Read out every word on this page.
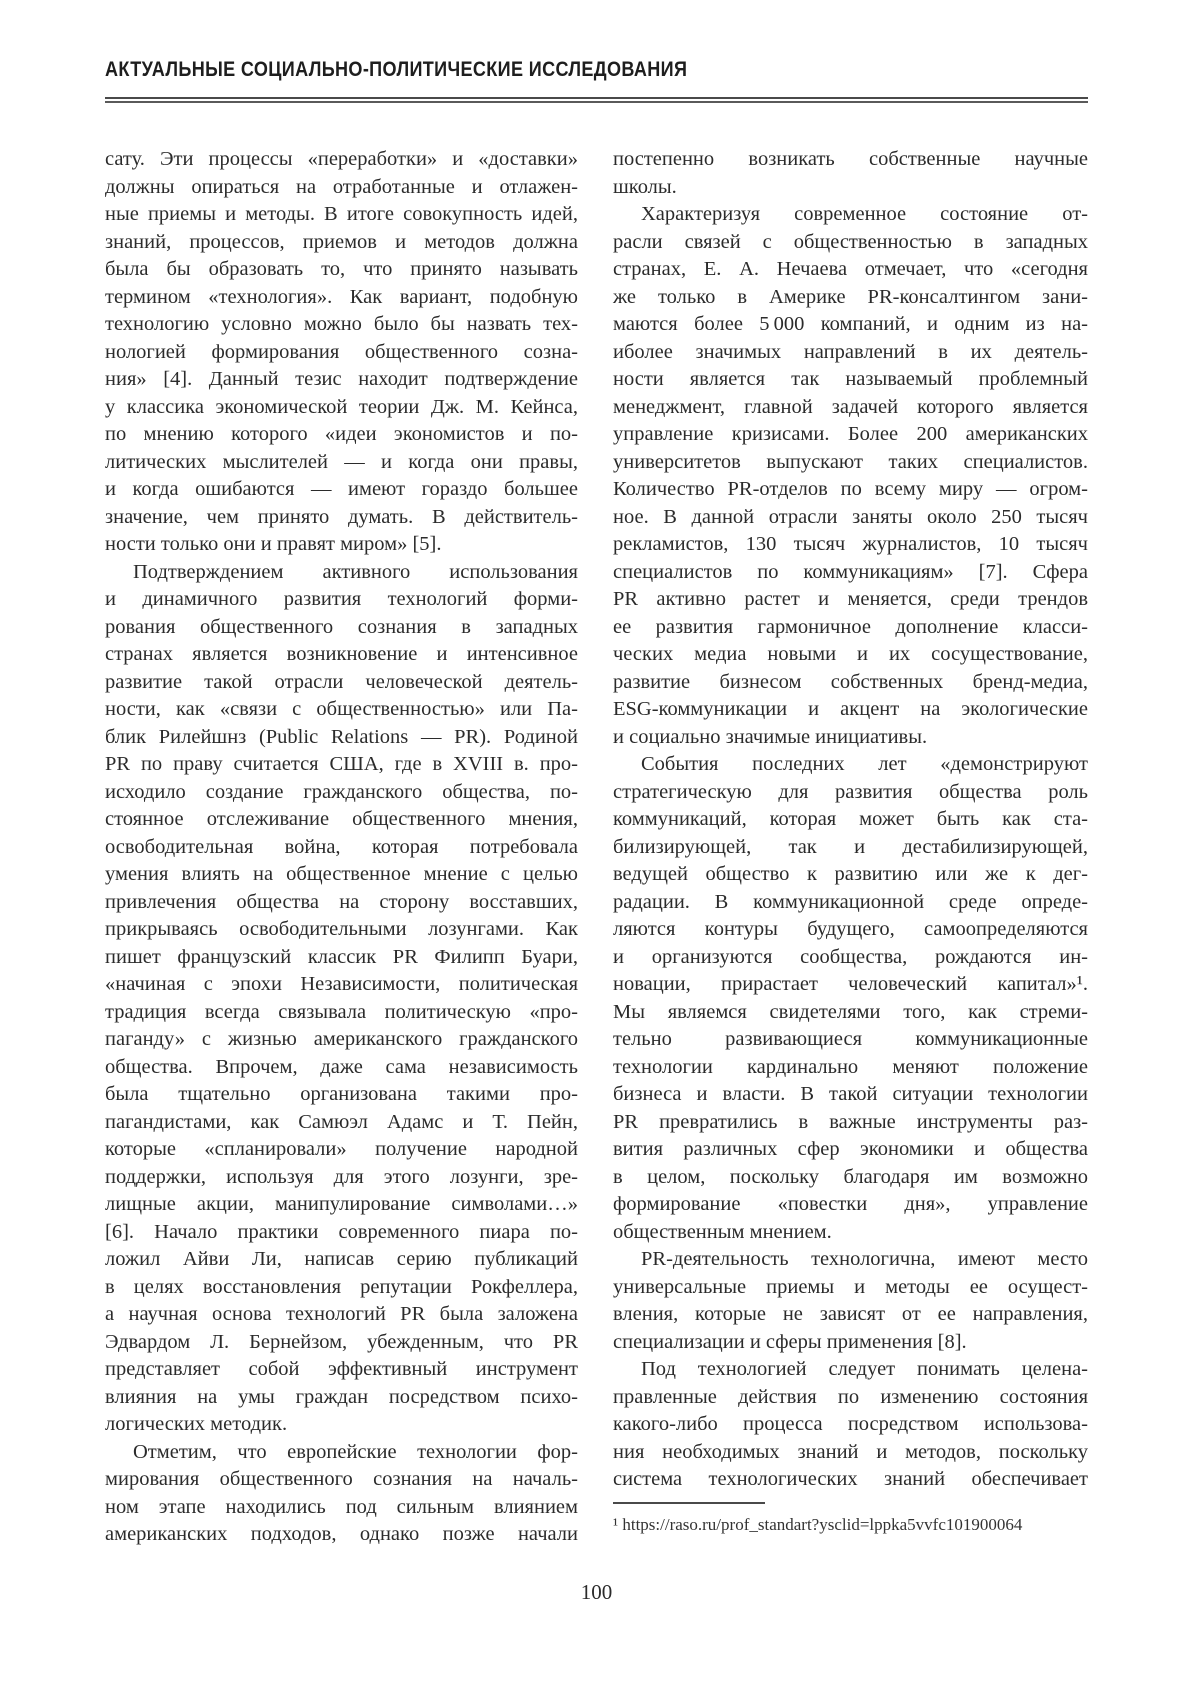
АКТУАЛЬНЫЕ СОЦИАЛЬНО-ПОЛИТИЧЕСКИЕ ИССЛЕДОВАНИЯ
сату. Эти процессы «переработки» и «доставки»
должны опираться на отработанные и отлажен-
ные приемы и методы. В итоге совокупность идей,
знаний, процессов, приемов и методов должна
была бы образовать то, что принято называть
термином «технология». Как вариант, подобную
технологию условно можно было бы назвать тех-
нологией формирования общественного созна-
ния» [4]. Данный тезис находит подтверждение
у классика экономической теории Дж. М. Кейнса,
по мнению которого «идеи экономистов и по-
литических мыслителей — и когда они правы,
и когда ошибаются — имеют гораздо большее
значение, чем принято думать. В действитель-
ности только они и правят миром» [5].
Подтверждением активного использования
и динамичного развития технологий форми-
рования общественного сознания в западных
странах является возникновение и интенсивное
развитие такой отрасли человеческой деятель-
ности, как «связи с общественностью» или Па-
блик Рилейшнз (Public Relations — PR). Родиной
PR по праву считается США, где в XVIII в. про-
исходило создание гражданского общества, по-
стоянное отслеживание общественного мнения,
освободительная война, которая потребовала
умения влиять на общественное мнение с целью
привлечения общества на сторону восставших,
прикрываясь освободительными лозунгами. Как
пишет французский классик PR Филипп Буари,
«начиная с эпохи Независимости, политическая
традиция всегда связывала политическую «про-
паганду» с жизнью американского гражданского
общества. Впрочем, даже сама независимость
была тщательно организована такими про-
пагандистами, как Самюэл Адамс и Т. Пейн,
которые «спланировали» получение народной
поддержки, используя для этого лозунги, зре-
лищные акции, манипулирование символами…»
[6]. Начало практики современного пиара по-
ложил Айви Ли, написав серию публикаций
в целях восстановления репутации Рокфеллера,
а научная основа технологий PR была заложена
Эдвардом Л. Бернейзом, убежденным, что PR
представляет собой эффективный инструмент
влияния на умы граждан посредством психо-
логических методик.
Отметим, что европейские технологии фор-
мирования общественного сознания на началь-
ном этапе находились под сильным влиянием
американских подходов, однако позже начали
постепенно возникать собственные научные
школы.
Характеризуя современное состояние от-
расли связей с общественностью в западных
странах, Е. А. Нечаева отмечает, что «сегодня
же только в Америке PR-консалтингом зани-
маются более 5 000 компаний, и одним из на-
иболее значимых направлений в их деятель-
ности является так называемый проблемный
менеджмент, главной задачей которого является
управление кризисами. Более 200 американских
университетов выпускают таких специалистов.
Количество PR-отделов по всему миру — огром-
ное. В данной отрасли заняты около 250 тысяч
рекламистов, 130 тысяч журналистов, 10 тысяч
специалистов по коммуникациям» [7]. Сфера
PR активно растет и меняется, среди трендов
ее развития гармоничное дополнение класси-
ческих медиа новыми и их сосуществование,
развитие бизнесом собственных бренд-медиа,
ESG-коммуникации и акцент на экологические
и социально значимые инициативы.
События последних лет «демонстрируют
стратегическую для развития общества роль
коммуникаций, которая может быть как ста-
билизирующей, так и дестабилизирующей,
ведущей общество к развитию или же к дег-
радации. В коммуникационной среде опреде-
ляются контуры будущего, самоопределяются
и организуются сообщества, рождаются ин-
новации, прирастает человеческий капитал»¹.
Мы являемся свидетелями того, как стреми-
тельно развивающиеся коммуникационные
технологии кардинально меняют положение
бизнеса и власти. В такой ситуации технологии
PR превратились в важные инструменты раз-
вития различных сфер экономики и общества
в целом, поскольку благодаря им возможно
формирование «повестки дня», управление
общественным мнением.
PR-деятельность технологична, имеют место
универсальные приемы и методы ее осущест-
вления, которые не зависят от ее направления,
специализации и сферы применения [8].
Под технологией следует понимать целена-
правленные действия по изменению состояния
какого-либо процесса посредством использова-
ния необходимых знаний и методов, поскольку
система технологических знаний обеспечивает
¹ https://raso.ru/prof_standart?ysclid=lppka5vvfc101900064
100
